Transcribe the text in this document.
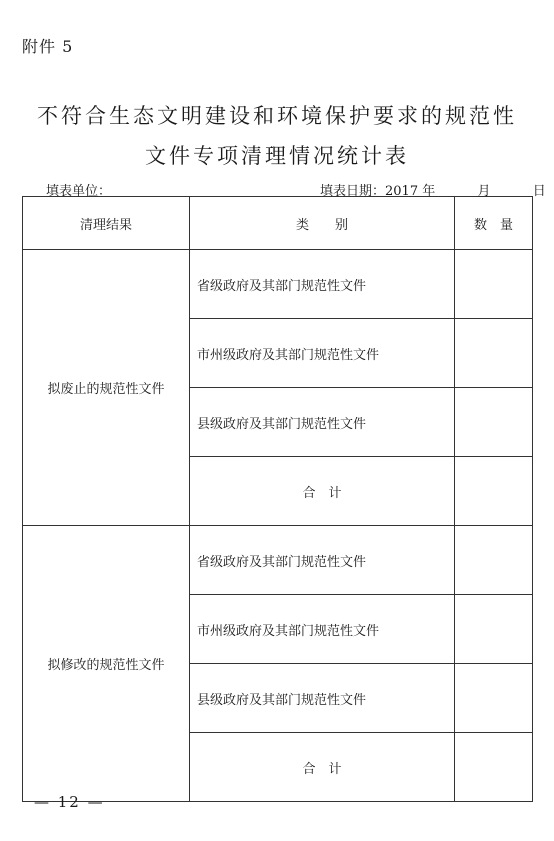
附件 5
不符合生态文明建设和环境保护要求的规范性
文件专项清理情况统计表
填表单位：	填表日期：2017 年	月	日
清理结果	类　　别	数　量
拟废止的规范性文件	省级政府及其部门规范性文件	
	市州级政府及其部门规范性文件	
	县级政府及其部门规范性文件	
	合　计	
拟修改的规范性文件	省级政府及其部门规范性文件	
	市州级政府及其部门规范性文件	
	县级政府及其部门规范性文件	
	合　计	
— 12 —
